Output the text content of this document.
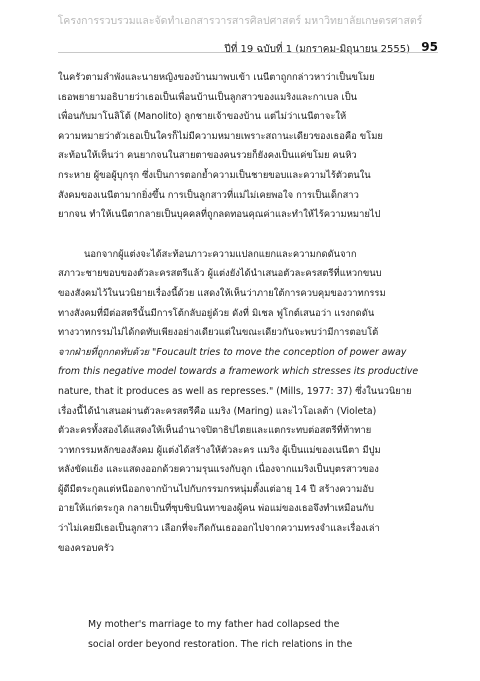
โครงการรวบรวมและจัดทำเอกสารวารสารศิลปศาสตร์ มหาวิทยาลัยเกษตรศาสตร์
ปีที่ 19 ฉบับที่ 1 (มกราคม-มิถุนายน 2555) 95
ในครัวตามลำพังและนายหญิงของบ้านมาพบเข้า เนนีตาถูกกล่าวหาว่าเป็นขโมย
เธอพยายามอธิบายว่าเธอเป็นเพื่อนบ้านเป็นลูกสาวของแมริงและกาเบล เป็น
เพื่อนกับมาโนลิโต้ (Manolito) ลูกชายเจ้าของบ้าน แต่ไม่ว่าเนนีตาจะให้
ความหมายว่าตัวเธอเป็นใครก็ไม่มีความหมายเพราะสถานะเดียวของเธอคือ ขโมย
สะท้อนให้เห็นว่า คนยากจนในสายตาของคนรวยก็ยังคงเป็นแค่ขโมย คนหิว
กระหาย ผู้ขอผู้บุกรุก ซึ่งเป็นการตอกย้ำความเป็นชายขอบและความไร้ตัวตนใน
สังคมของเนนีตามากยิ่งขึ้น การเป็นลูกสาวที่แม่ไม่เคยพอใจ การเป็นเด็กสาว
ยากจน ทำให้เนนีตากลายเป็นบุคคลที่ถูกลดทอนคุณค่าและทำให้ไร้ความหมายไป
นอกจากผู้แต่งจะได้สะท้อนภาวะความแปลกแยกและความกดดันจาก
สภาวะชายขอบของตัวละครสตรีแล้ว ผู้แต่งยังได้นำเสนอตัวละครสตรีที่แหวกขนบ
ของสังคมไว้ในนวนิยายเรื่องนี้ด้วย แสดงให้เห็นว่าภายใต้การควบคุมของวาทกรรม
ทางสังคมที่มีต่อสตรีนั้นมีการโต้กลับอยู่ด้วย ดังที่ มิเชล ฟูโกต์เสนอว่า แรงกดดัน
ทางวาทกรรมไม่ได้กดทับเพียงอย่างเดียวแต่ในขณะเดียวกันจะพบว่ามีการตอบโต้
จากฝ่ายที่ถูกกดทับด้วย "Foucault tries to move the conception of power away
from this negative model towards a framework which stresses its productive
nature, that it produces as well as represses." (Mills, 1977: 37) ซึ่งในนวนิยาย
เรื่องนี้ได้นำเสนอผ่านตัวละครสตรีคือ แมริง (Maring) และไวโอเลต้า (Violeta)
ตัวละครทั้งสองได้แสดงให้เห็นอำนาจปิตาธิปไตยและแตกระทบต่อสตรีที่ท้าทาย
วาทกรรมหลักของสังคม ผู้แต่งได้สร้างให้ตัวละคร แมริง ผู้เป็นแม่ของเนนีตา มีปูม
หลังขัดแย้ง และแสดงออกด้วยความรุนแรงกับลูก เนื่องจากแมริงเป็นบุตรสาวของ
ผู้ดีมีตระกูลแต่หนีออกจากบ้านไปกับกรรมกรหนุ่มตั้งแต่อายุ 14 ปี สร้างความอับ
อายให้แก่ตระกูล กลายเป็นที่ซุบซิบนินทาของผู้คน พ่อแม่ของเธอจึงทำเหมือนกับ
ว่าไม่เคยมีเธอเป็นลูกสาว เลือกที่จะกีดกันเธอออกไปจากความทรงจำและเรื่องเล่า
ของครอบครัว
My mother's marriage to my father had collapsed the
social order beyond restoration. The rich relations in the
